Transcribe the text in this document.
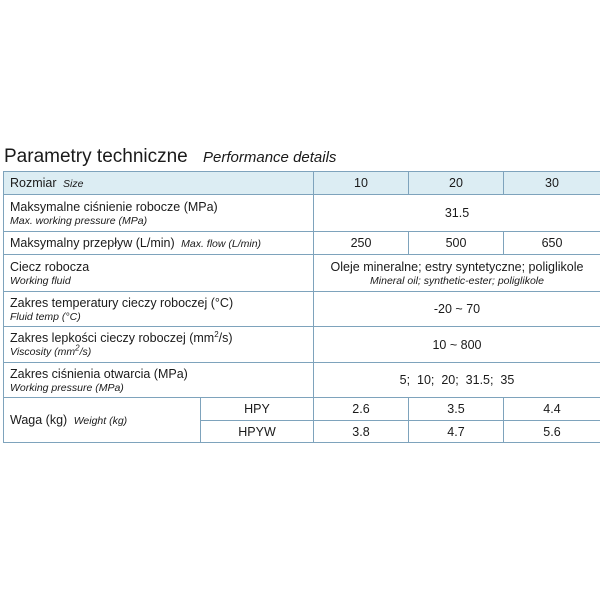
Parametry techniczne Performance details
Rozmiar Size		10	20	30

Maksymalne ciśnienie robocze (MPa)
Max. working pressure (MPa)		31.5		
Maksymalny przepływ (L/min) Max. flow (L/min)		250	500	650

Ciecz robocza
Working fluid		Oleje mineralne; estry syntetyczne; poliglikole
Mineral oil; synthetic-ester; poliglikole		

Zakres temperatury cieczy roboczej (°C)
Fluid temp (°C)		-20 ~ 70		

Zakres lepkości cieczy roboczej $(mm^2/s)$
Viscosity $(mm^2/s)$		10 ~ 800		

Zakres ciśnienia otwarcia (MPa)
Working pressure (MPa)		5;  10;  20;  31.5;  35		
Waga (kg) Weight (kg)	HPY	2.6	3.5	4.4
	HPYW	3.8	4.7	5.6
